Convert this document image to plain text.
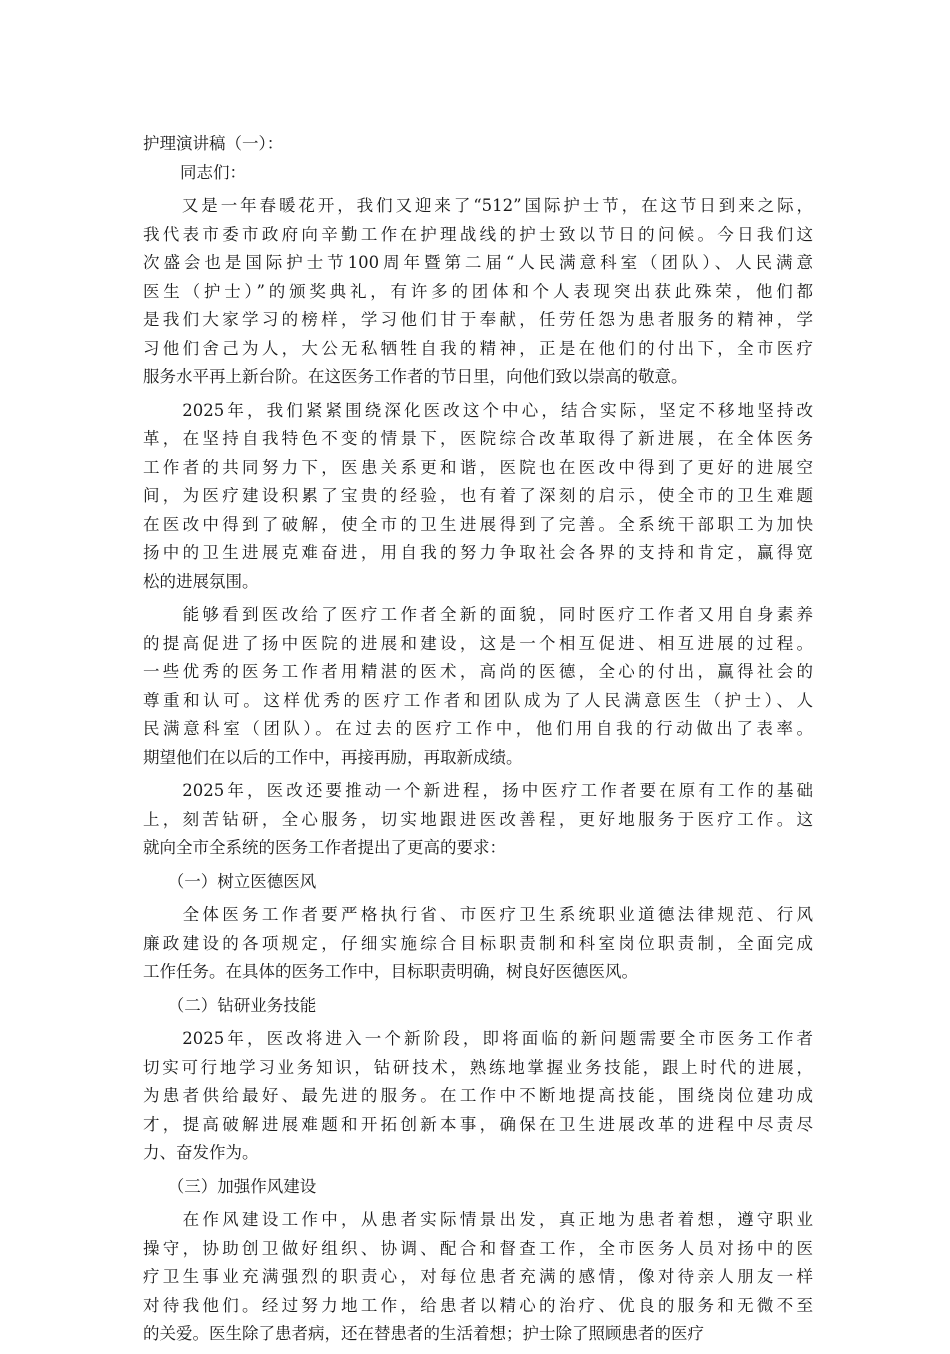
护理演讲稿（一）：
同志们：
　　又是一年春暖花开，我们又迎来了“512”国际护士节，在这节日到来之际，
我代表市委市政府向辛勤工作在护理战线的护士致以节日的问候。今日我们这
次盛会也是国际护士节100周年暨第二届“人民满意科室（团队）、人民满意
医生（护士）”的颁奖典礼，有许多的团体和个人表现突出获此殊荣，他们都
是我们大家学习的榜样，学习他们甘于奉献，任劳任怨为患者服务的精神，学
习他们舍己为人，大公无私牺牲自我的精神，正是在他们的付出下，全市医疗
服务水平再上新台阶。在这医务工作者的节日里，向他们致以崇高的敬意。
　　2025年，我们紧紧围绕深化医改这个中心，结合实际，坚定不移地坚持改
革，在坚持自我特色不变的情景下，医院综合改革取得了新进展，在全体医务
工作者的共同努力下，医患关系更和谐，医院也在医改中得到了更好的进展空
间，为医疗建设积累了宝贵的经验，也有着了深刻的启示，使全市的卫生难题
在医改中得到了破解，使全市的卫生进展得到了完善。全系统干部职工为加快
扬中的卫生进展克难奋进，用自我的努力争取社会各界的支持和肯定，赢得宽
松的进展氛围。
　　能够看到医改给了医疗工作者全新的面貌，同时医疗工作者又用自身素养
的提高促进了扬中医院的进展和建设，这是一个相互促进、相互进展的过程。
一些优秀的医务工作者用精湛的医术，高尚的医德，全心的付出，赢得社会的
尊重和认可。这样优秀的医疗工作者和团队成为了人民满意医生（护士）、人
民满意科室（团队）。在过去的医疗工作中，他们用自我的行动做出了表率。
期望他们在以后的工作中，再接再励，再取新成绩。
　　2025年，医改还要推动一个新进程，扬中医疗工作者要在原有工作的基础
上，刻苦钻研，全心服务，切实地跟进医改善程，更好地服务于医疗工作。这
就向全市全系统的医务工作者提出了更高的要求：
　　（一）树立医德医风
　　全体医务工作者要严格执行省、市医疗卫生系统职业道德法律规范、行风
廉政建设的各项规定，仔细实施综合目标职责制和科室岗位职责制，全面完成
工作任务。在具体的医务工作中，目标职责明确，树良好医德医风。
　　（二）钻研业务技能
　　2025年，医改将进入一个新阶段，即将面临的新问题需要全市医务工作者
切实可行地学习业务知识，钻研技术，熟练地掌握业务技能，跟上时代的进展，
为患者供给最好、最先进的服务。在工作中不断地提高技能，围绕岗位建功成
才，提高破解进展难题和开拓创新本事，确保在卫生进展改革的进程中尽责尽
力、奋发作为。
　　（三）加强作风建设
　　在作风建设工作中，从患者实际情景出发，真正地为患者着想，遵守职业
操守，协助创卫做好组织、协调、配合和督查工作，全市医务人员对扬中的医
疗卫生事业充满强烈的职责心，对每位患者充满的感情，像对待亲人朋友一样
对待我他们。经过努力地工作，给患者以精心的治疗、优良的服务和无微不至
的关爱。医生除了患者病，还在替患者的生活着想；护士除了照顾患者的医疗
